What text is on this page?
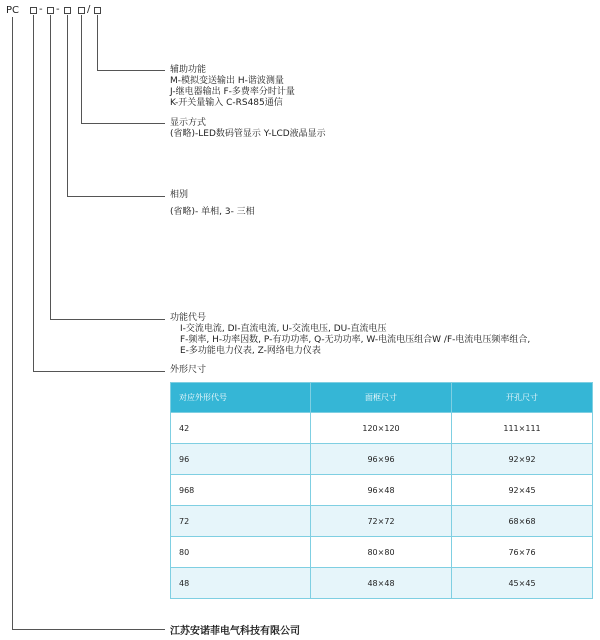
PC - -	/
辅助功能
M-模拟变送输出 H-谐波测量
J-继电器输出 F-多费率分时计量
K-开关量输入 C-RS485通信
显示方式
(省略)-LED数码管显示 Y-LCD液晶显示
相别
(省略)- 单相, 3- 三相
功能代号
I-交流电流, DI-直流电流, U-交流电压, DU-直流电压
F-频率, H-功率因数, P-有功功率, Q-无功功率, W-电流电压组合W /F-电流电压频率组合,
E-多功能电力仪表, Z-网络电力仪表
外形尺寸
对应外形代号	面框尺寸	开孔尺寸
42	120×120	111×111
96	96×96	92×92
968	96×48	92×45
72	72×72	68×68
80	80×80	76×76
48	48×48	45×45
江苏安诺菲电气科技有限公司
